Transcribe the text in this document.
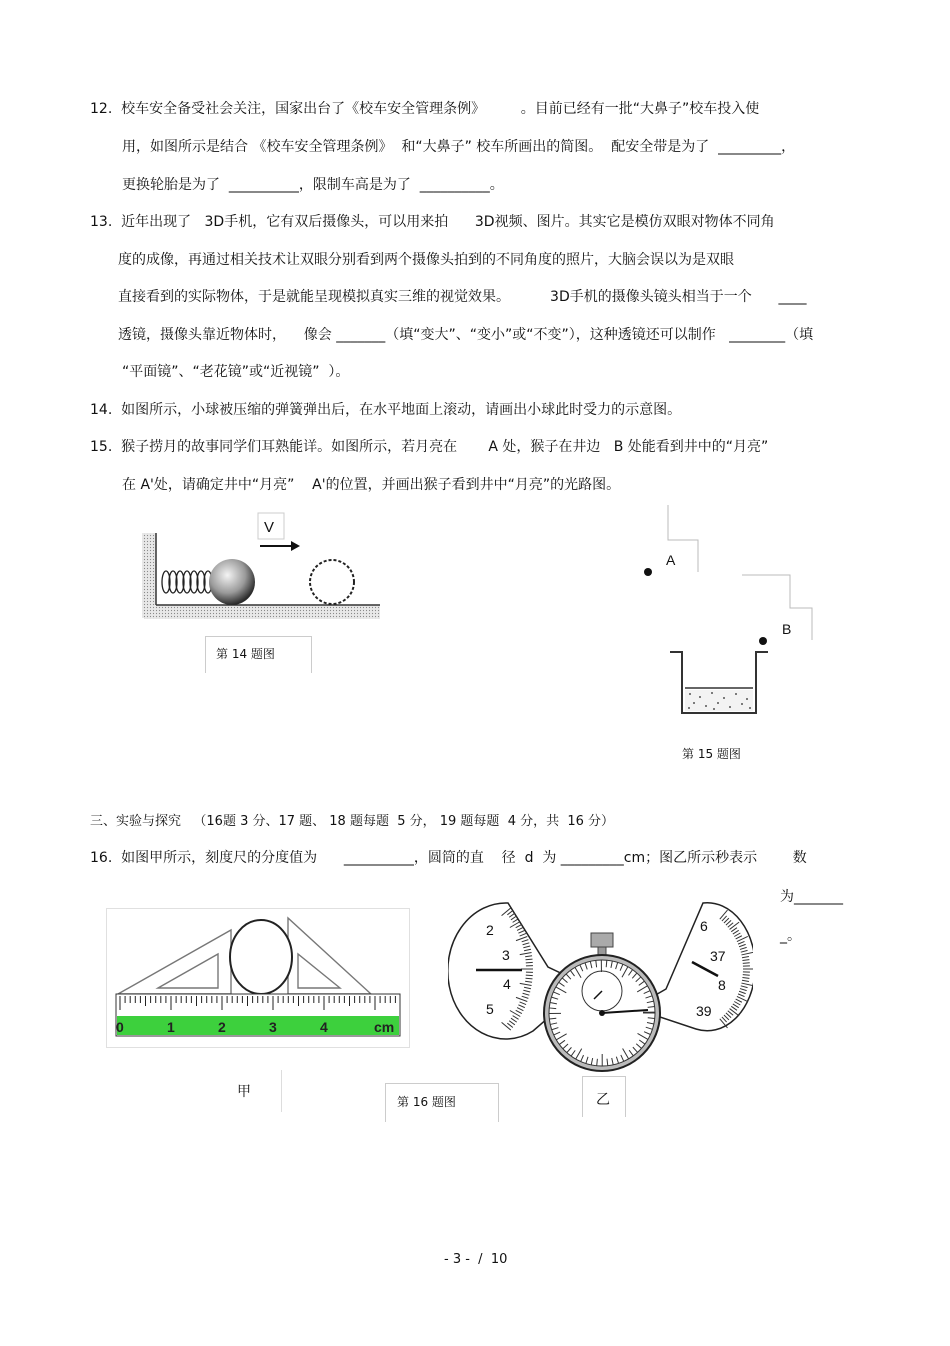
12.  校车安全备受社会关注，国家出台了《校车安全管理条例》        。目前已经有一批“大鼻子”校车投入使
用，如图所示是结合 《校车安全管理条例》  和“大鼻子” 校车所画出的简图。  配安全带是为了  _________，
更换轮胎是为了  __________，限制车高是为了  __________。
13.  近年出现了   3D手机，它有双后摄像头，可以用来拍      3D视频、图片。其实它是模仿双眼对物体不同角
度的成像，再通过相关技术让双眼分别看到两个摄像头拍到的不同角度的照片，大脑会误以为是双眼
直接看到的实际物体，于是就能呈现模拟真实三维的视觉效果。         3D手机的摄像头镜头相当于一个      ____
透镜，摄像头靠近物体时，    像会 _______（填“变大”、“变小”或“不变”），这种透镜还可以制作   ________（填
“平面镜”、“老花镜”或“近视镜”  ）。
14.  如图所示，小球被压缩的弹簧弹出后，在水平地面上滚动，请画出小球此时受力的示意图。
15.  猴子捞月的故事同学们耳熟能详。如图所示，若月亮在       A 处，猴子在井边   B 处能看到井中的“月亮”
在 A'处，请确定井中“月亮”    A'的位置，并画出猴子看到井中“月亮”的光路图。
V
第 14 题图
A
B
第 15 题图
三、实验与探究   （16题 3 分、17 题、 18 题每题  5 分， 19 题每题  4 分，共  16 分）
16.  如图甲所示，刻度尺的分度值为      __________，圆筒的直    径  d  为 _________cm；图乙所示秒表示        数
为_______
_。
0	1	2	3	4	cm
甲
第 16 题图
2
3
4
5
6
37
8
39
乙
- 3 -  /  10
